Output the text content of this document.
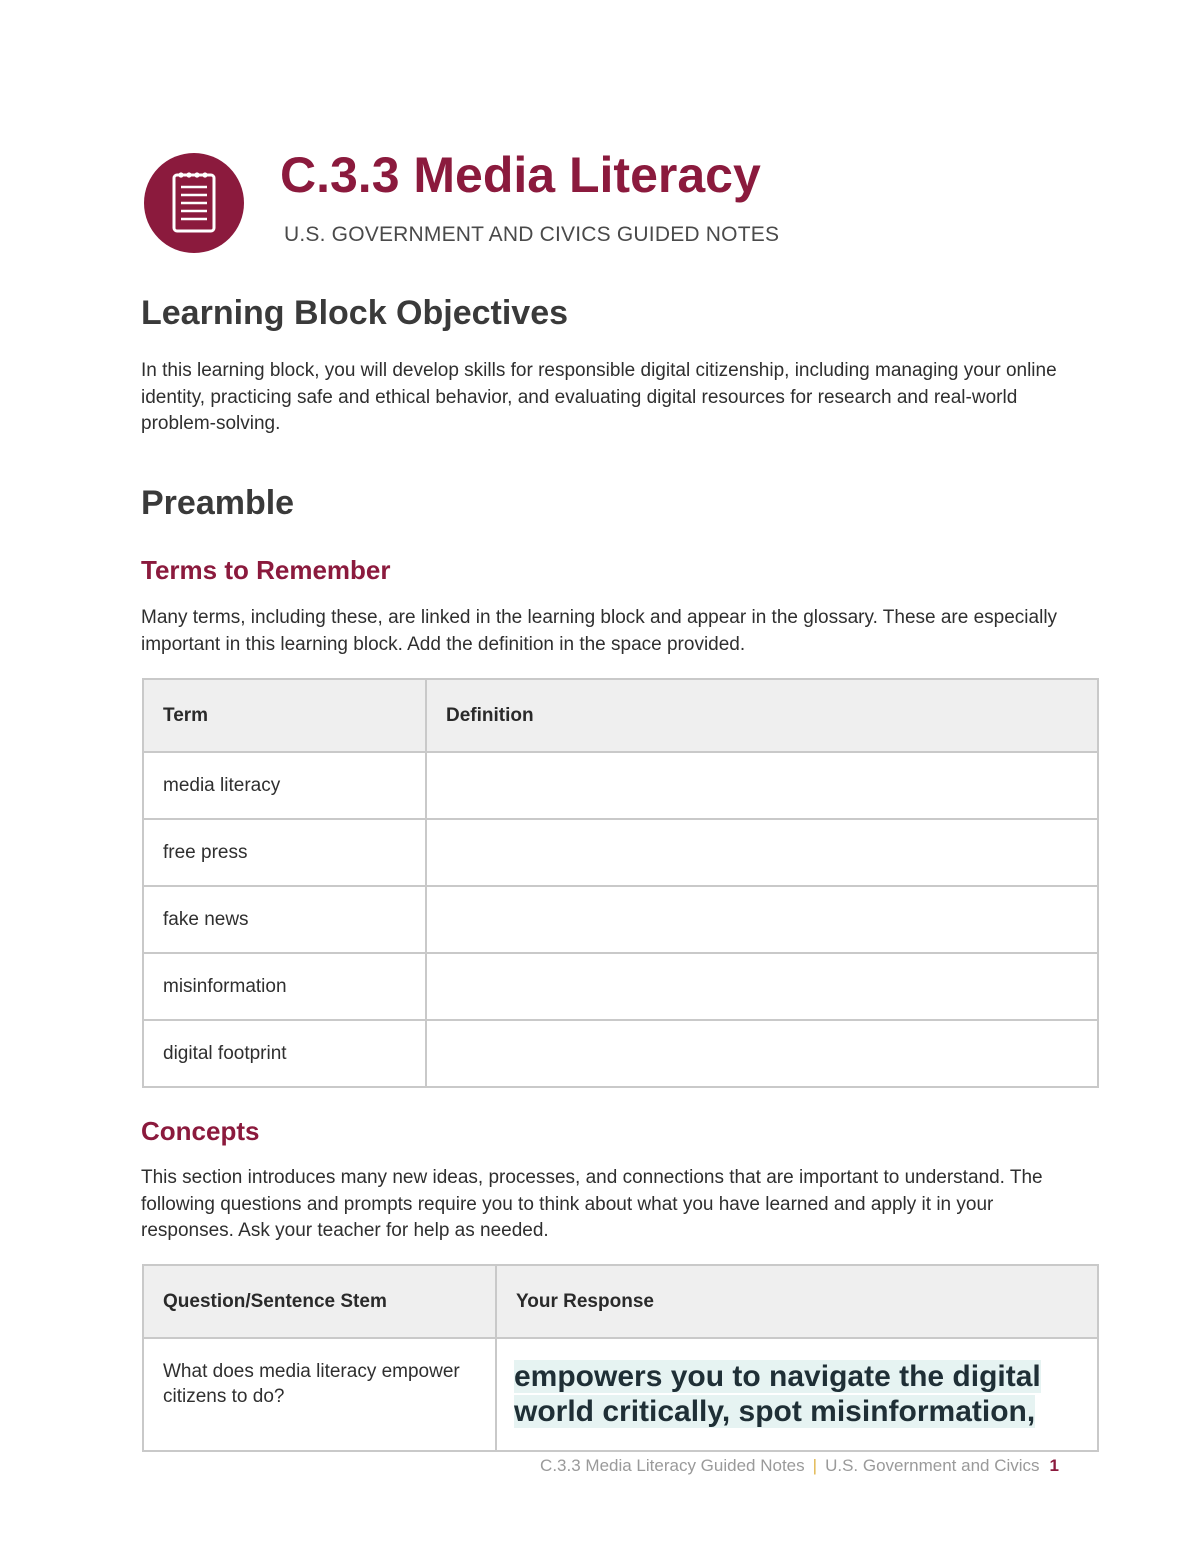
C.3.3 Media Literacy
U.S. GOVERNMENT AND CIVICS GUIDED NOTES
Learning Block Objectives

In this learning block, you will develop skills for responsible digital citizenship, including managing your online identity, practicing safe and ethical behavior, and evaluating digital resources for research and real-world problem-solving.

Preamble
Terms to Remember

Many terms, including these, are linked in the learning block and appear in the glossary. These are especially important in this learning block. Add the definition in the space provided.

Term	Definition
media literacy	
free press	
fake news	
misinformation	
digital footprint	
Concepts

This section introduces many new ideas, processes, and connections that are important to understand. The following questions and prompts require you to think about what you have learned and apply it in your responses. Ask your teacher for help as needed.

Question/Sentence Stem	Your Response
What does media literacy empower citizens to do?	empowers you to navigate the digital world critically, spot misinformation,
C.3.3 Media Literacy Guided Notes | U.S. Government and Civics 1
